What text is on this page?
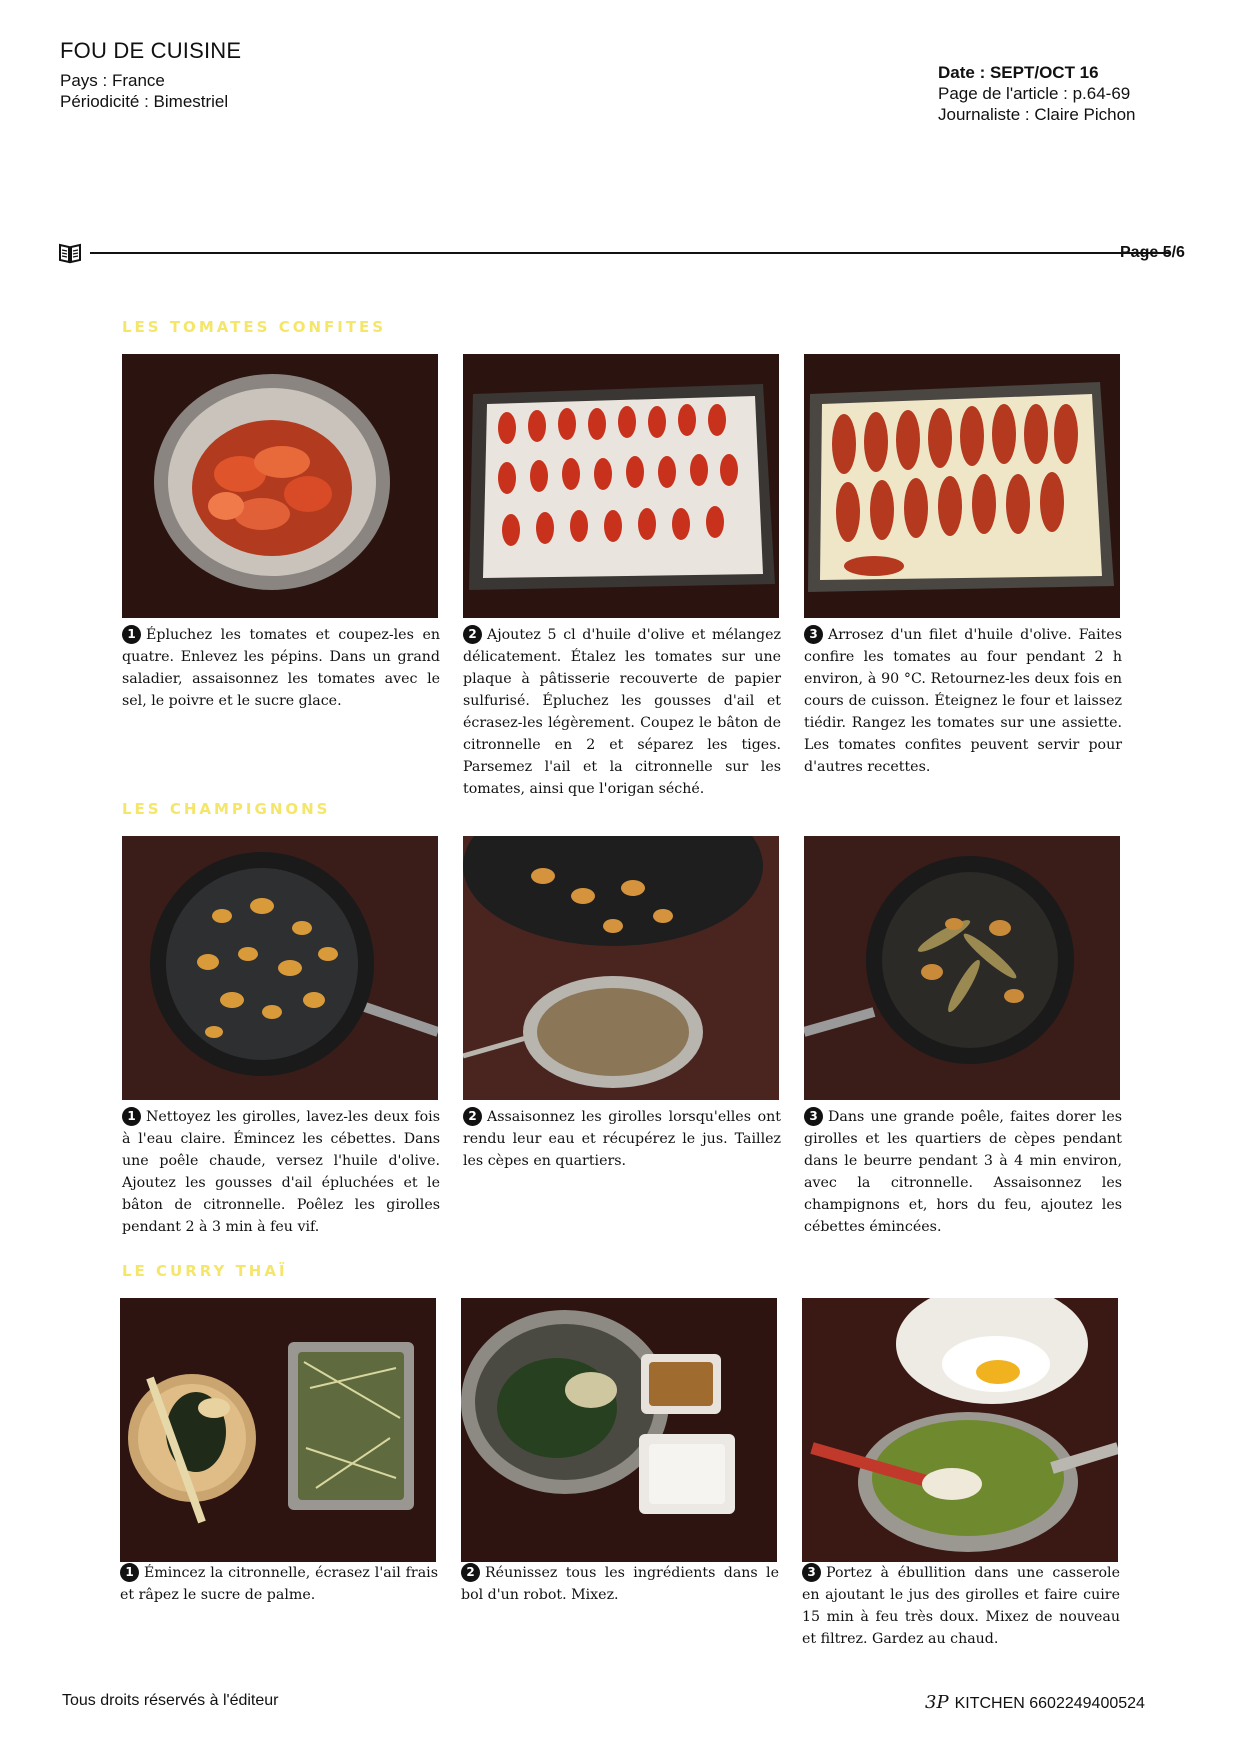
FOU DE CUISINE
Pays : France
Périodicité : Bimestriel
Date : SEPT/OCT 16
Page de l'article : p.64-69
Journaliste : Claire Pichon
Page 5/6
LES TOMATES CONFITES
1 Épluchez les tomates et coupez-les en quatre. Enlevez les pépins. Dans un grand saladier, assaisonnez les tomates avec le sel, le poivre et le sucre glace.
2 Ajoutez 5 cl d'huile d'olive et mélangez délicatement. Étalez les tomates sur une plaque à pâtisserie recouverte de papier sulfurisé. Épluchez les gousses d'ail et écrasez-les légèrement. Coupez le bâton de citronnelle en 2 et séparez les tiges. Parsemez l'ail et la citronnelle sur les tomates, ainsi que l'origan séché.
3 Arrosez d'un filet d'huile d'olive. Faites confire les tomates au four pendant 2 h environ, à 90 °C. Retournez-les deux fois en cours de cuisson. Éteignez le four et laissez tiédir. Rangez les tomates sur une assiette. Les tomates confites peuvent servir pour d'autres recettes.
LES CHAMPIGNONS
1 Nettoyez les girolles, lavez-les deux fois à l'eau claire. Émincez les cébettes. Dans une poêle chaude, versez l'huile d'olive. Ajoutez les gousses d'ail épluchées et le bâton de citronnelle. Poêlez les girolles pendant 2 à 3 min à feu vif.
2 Assaisonnez les girolles lorsqu'elles ont rendu leur eau et récupérez le jus. Taillez les cèpes en quartiers.
3 Dans une grande poêle, faites dorer les girolles et les quartiers de cèpes pendant dans le beurre pendant 3 à 4 min environ, avec la citronnelle. Assaisonnez les champignons et, hors du feu, ajoutez les cébettes émincées.
LE CURRY THAÏ
1 Émincez la citronnelle, écrasez l'ail frais et râpez le sucre de palme.
2 Réunissez tous les ingrédients dans le bol d'un robot. Mixez.
3 Portez à ébullition dans une casserole en ajoutant le jus des girolles et faire cuire 15 min à feu très doux. Mixez de nouveau et filtrez. Gardez au chaud.
Tous droits réservés à l'éditeur	3P KITCHEN 6602249400524
